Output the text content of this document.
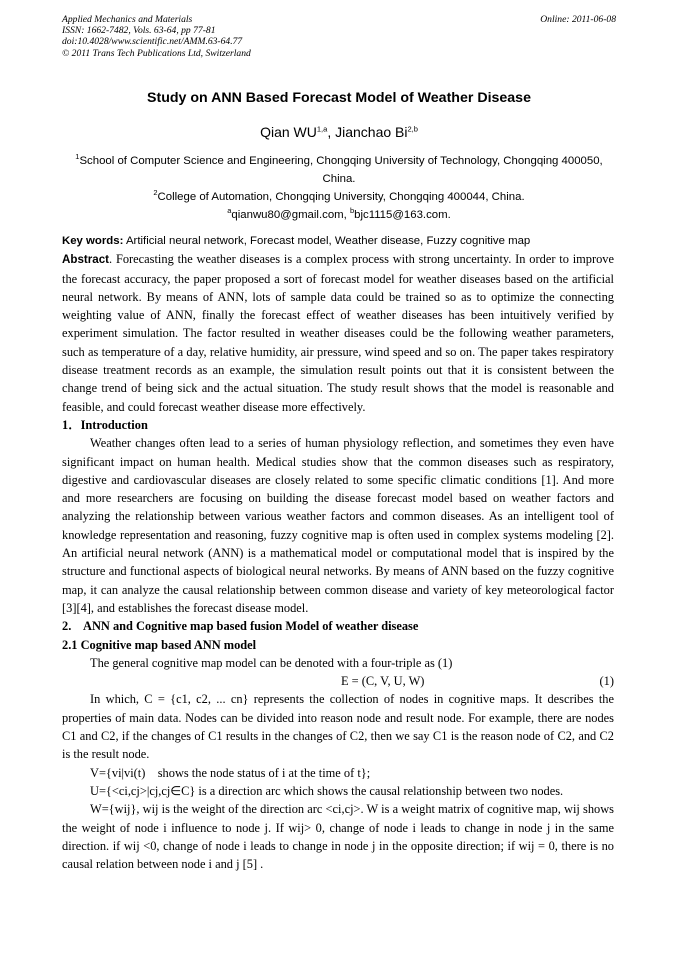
Applied Mechanics and Materials
ISSN: 1662-7482, Vols. 63-64, pp 77-81
doi:10.4028/www.scientific.net/AMM.63-64.77
© 2011 Trans Tech Publications Ltd, Switzerland
Online: 2011-06-08
Study on ANN Based Forecast Model of Weather Disease
Qian WU$^{1,a}$, Jianchao Bi$^{2,b}$
$^1$School of Computer Science and Engineering, Chongqing University of Technology, Chongqing 400050, China.
$^2$College of Automation, Chongqing University, Chongqing 400044, China.
$^a$qianwu80@gmail.com, $^b$bjc1115@163.com.

Key words: Artificial neural network, Forecast model, Weather disease, Fuzzy cognitive map

Abstract. Forecasting the weather diseases is a complex process with strong uncertainty. In order to improve the forecast accuracy, the paper proposed a sort of forecast model for weather diseases based on the artificial neural network. By means of ANN, lots of sample data could be trained so as to optimize the connecting weighting value of ANN, finally the forecast effect of weather diseases has been intuitively verified by experiment simulation. The factor resulted in weather diseases could be the following weather parameters, such as temperature of a day, relative humidity, air pressure, wind speed and so on. The paper takes respiratory disease treatment records as an example, the simulation result points out that it is consistent between the change trend of being sick and the actual situation. The study result shows that the model is reasonable and feasible, and could forecast weather disease more effectively.

1．Introduction

Weather changes often lead to a series of human physiology reflection, and sometimes they even have significant impact on human health. Medical studies show that the common diseases such as respiratory, digestive and cardiovascular diseases are closely related to some specific climatic conditions [1]. And more and more researchers are focusing on building the disease forecast model based on weather factors and analyzing the relationship between various weather factors and common diseases. As an intelligent tool of knowledge representation and reasoning, fuzzy cognitive map is often used in complex systems modeling [2]. An artificial neural network (ANN) is a mathematical model or computational model that is inspired by the structure and functional aspects of biological neural networks. By means of ANN based on the fuzzy cognitive map, it can analyze the causal relationship between common disease and variety of key meteorological factor [3][4], and establishes the forecast disease model.

2.    ANN and Cognitive map based fusion Model of weather disease

2.1 Cognitive map based ANN model

The general cognitive map model can be denoted with a four-triple as (1)

E = (C, V, U, W)	(1)

In which, C = {c1, c2, ... cn} represents the collection of nodes in cognitive maps. It describes the properties of main data. Nodes can be divided into reason node and result node. For example, there are nodes C1 and C2, if the changes of C1 results in the changes of C2, then we say C1 is the reason node of C2, and C2 is the result node.

V={vi|vi(t)    shows the node status of i at the time of t};

U={<ci,cj>|cj,cj∈C} is a direction arc which shows the causal relationship between two nodes.

W={wij}, wij is the weight of the direction arc <ci,cj>. W is a weight matrix of cognitive map, wij shows the weight of node i influence to node j. If wij> 0, change of node i leads to change in node j in the same direction. if wij <0, change of node i leads to change in node j in the opposite direction; if wij = 0, there is no causal relation between node i and j [5] .
